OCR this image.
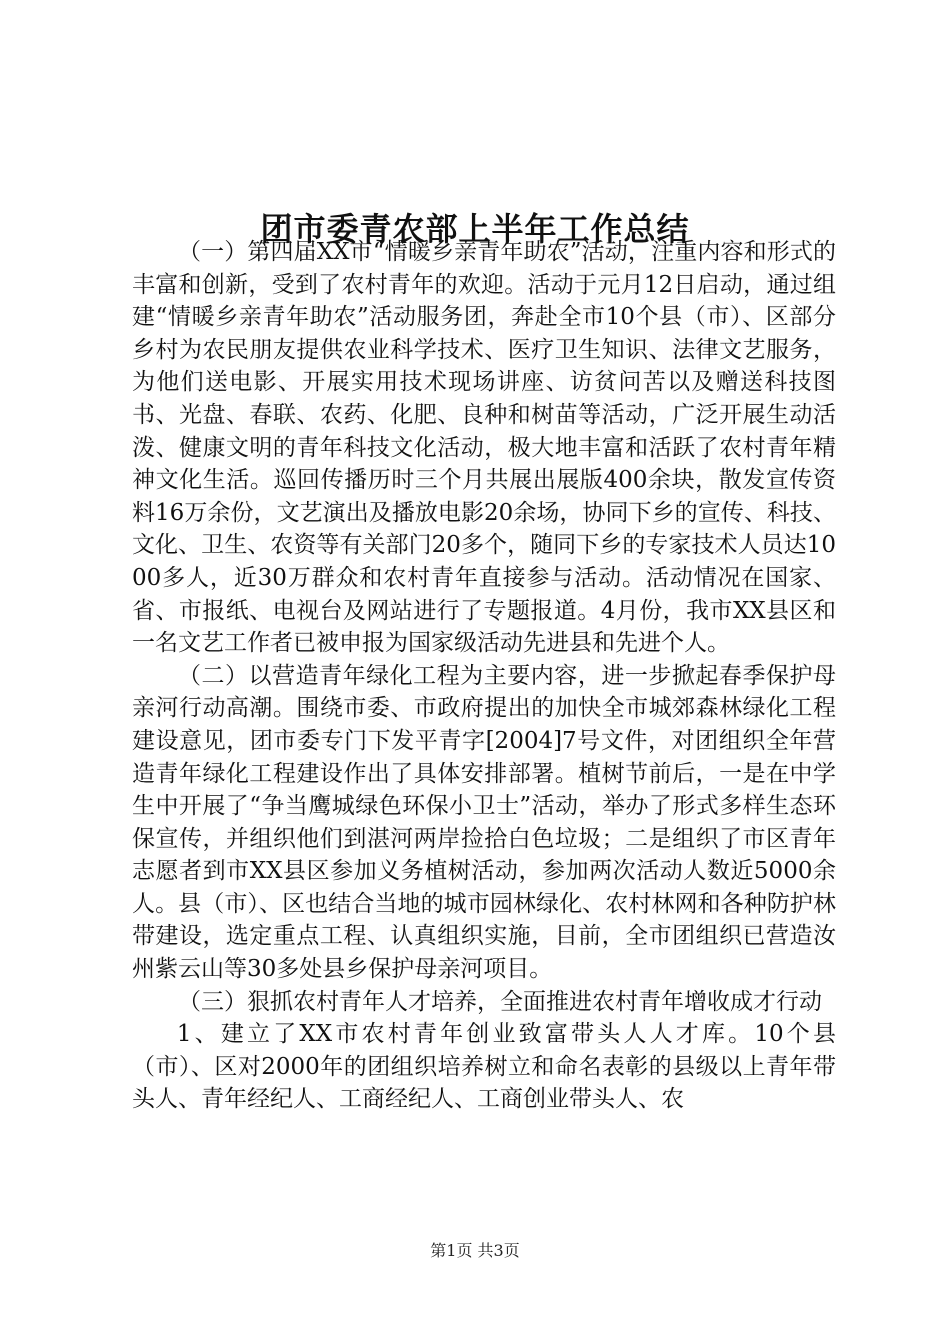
团市委青农部上半年工作总结

（一）第四届XX市“情暖乡亲青年助农”活动，注重内容和形式的丰富和创新，受到了农村青年的欢迎。活动于元月12日启动，通过组建“情暖乡亲青年助农”活动服务团，奔赴全市10个县（市）、区部分乡村为农民朋友提供农业科学技术、医疗卫生知识、法律文艺服务，为他们送电影、开展实用技术现场讲座、访贫问苦以及赠送科技图书、光盘、春联、农药、化肥、良种和树苗等活动，广泛开展生动活泼、健康文明的青年科技文化活动，极大地丰富和活跃了农村青年精神文化生活。巡回传播历时三个月共展出展版400余块，散发宣传资料16万余份，文艺演出及播放电影20余场，协同下乡的宣传、科技、文化、卫生、农资等有关部门20多个，随同下乡的专家技术人员达1000多人，近30万群众和农村青年直接参与活动。活动情况在国家、省、市报纸、电视台及网站进行了专题报道。4月份，我市XX县区和一名文艺工作者已被申报为国家级活动先进县和先进个人。

（二）以营造青年绿化工程为主要内容，进一步掀起春季保护母亲河行动高潮。围绕市委、市政府提出的加快全市城郊森林绿化工程建设意见，团市委专门下发平青字[2004]7号文件，对团组织全年营造青年绿化工程建设作出了具体安排部署。植树节前后，一是在中学生中开展了“争当鹰城绿色环保小卫士”活动，举办了形式多样生态环保宣传，并组织他们到湛河两岸捡拾白色垃圾；二是组织了市区青年志愿者到市XX县区参加义务植树活动，参加两次活动人数近5000余人。县（市）、区也结合当地的城市园林绿化、农村林网和各种防护林带建设，选定重点工程、认真组织实施，目前，全市团组织已营造汝州紫云山等30多处县乡保护母亲河项目。

（三）狠抓农村青年人才培养，全面推进农村青年增收成才行动

1、建立了XX市农村青年创业致富带头人人才库。10个县（市）、区对2000年的团组织培养树立和命名表彰的县级以上青年带头人、青年经纪人、工商经纪人、工商创业带头人、农

第1页 共3页
